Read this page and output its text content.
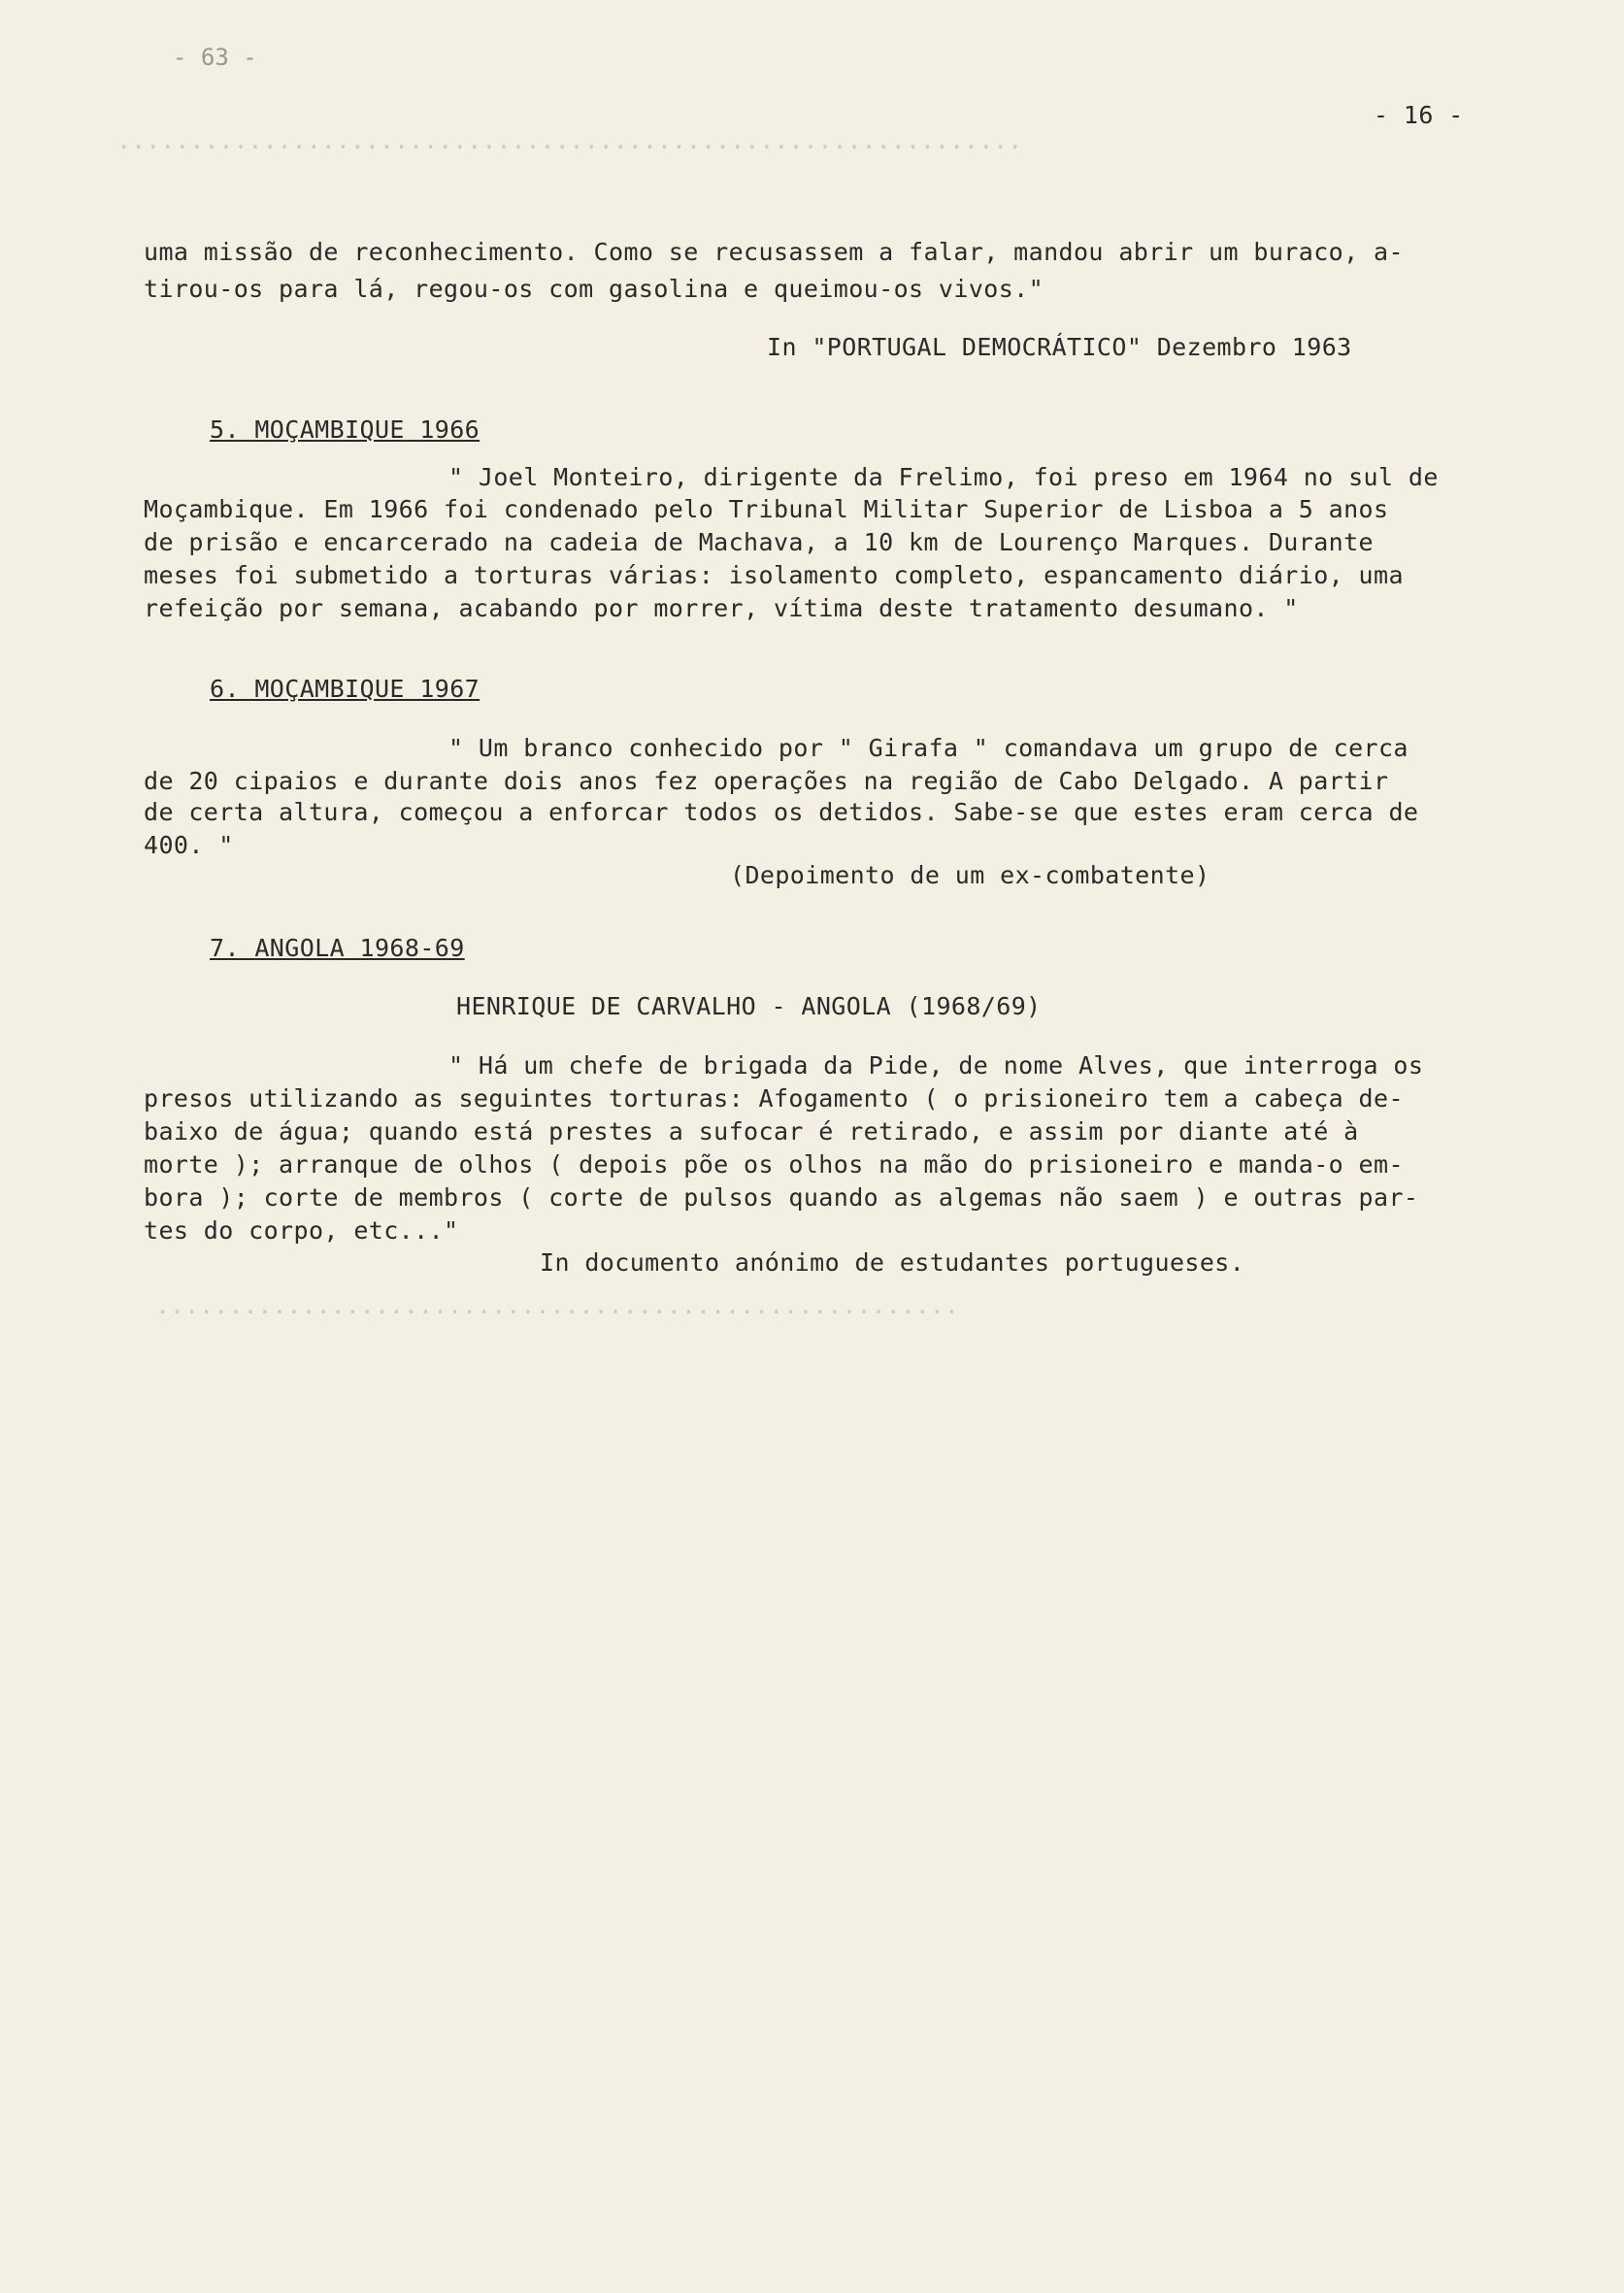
..............................................................
.......................................................
- 63 -
- 16 -
uma missão de reconhecimento. Como se recusassem a falar, mandou abrir um buraco, a-
tirou-os para lá, regou-os com gasolina e queimou-os vivos."
In "PORTUGAL DEMOCRÁTICO" Dezembro 1963
5. MOÇAMBIQUE 1966
" Joel Monteiro, dirigente da Frelimo, foi preso em 1964 no sul de
Moçambique. Em 1966 foi condenado pelo Tribunal Militar Superior de Lisboa a 5 anos
de prisão e encarcerado na cadeia de Machava, a 10 km de Lourenço Marques. Durante
meses foi submetido a torturas várias: isolamento completo, espancamento diário, uma
refeição por semana, acabando por morrer, vítima deste tratamento desumano. "
6. MOÇAMBIQUE 1967
" Um branco conhecido por " Girafa " comandava um grupo de cerca
de 20 cipaios e durante dois anos fez operações na região de Cabo Delgado. A partir
de certa altura, começou a enforcar todos os detidos. Sabe-se que estes eram cerca de
400. "
(Depoimento de um ex-combatente)
7. ANGOLA 1968-69
HENRIQUE DE CARVALHO - ANGOLA (1968/69)
" Há um chefe de brigada da Pide, de nome Alves, que interroga os
presos utilizando as seguintes torturas: Afogamento ( o prisioneiro tem a cabeça de-
baixo de água; quando está prestes a sufocar é retirado, e assim por diante até à
morte ); arranque de olhos ( depois põe os olhos na mão do prisioneiro e manda-o em-
bora ); corte de membros ( corte de pulsos quando as algemas não saem ) e outras par-
tes do corpo, etc..."
In documento anónimo de estudantes portugueses.
